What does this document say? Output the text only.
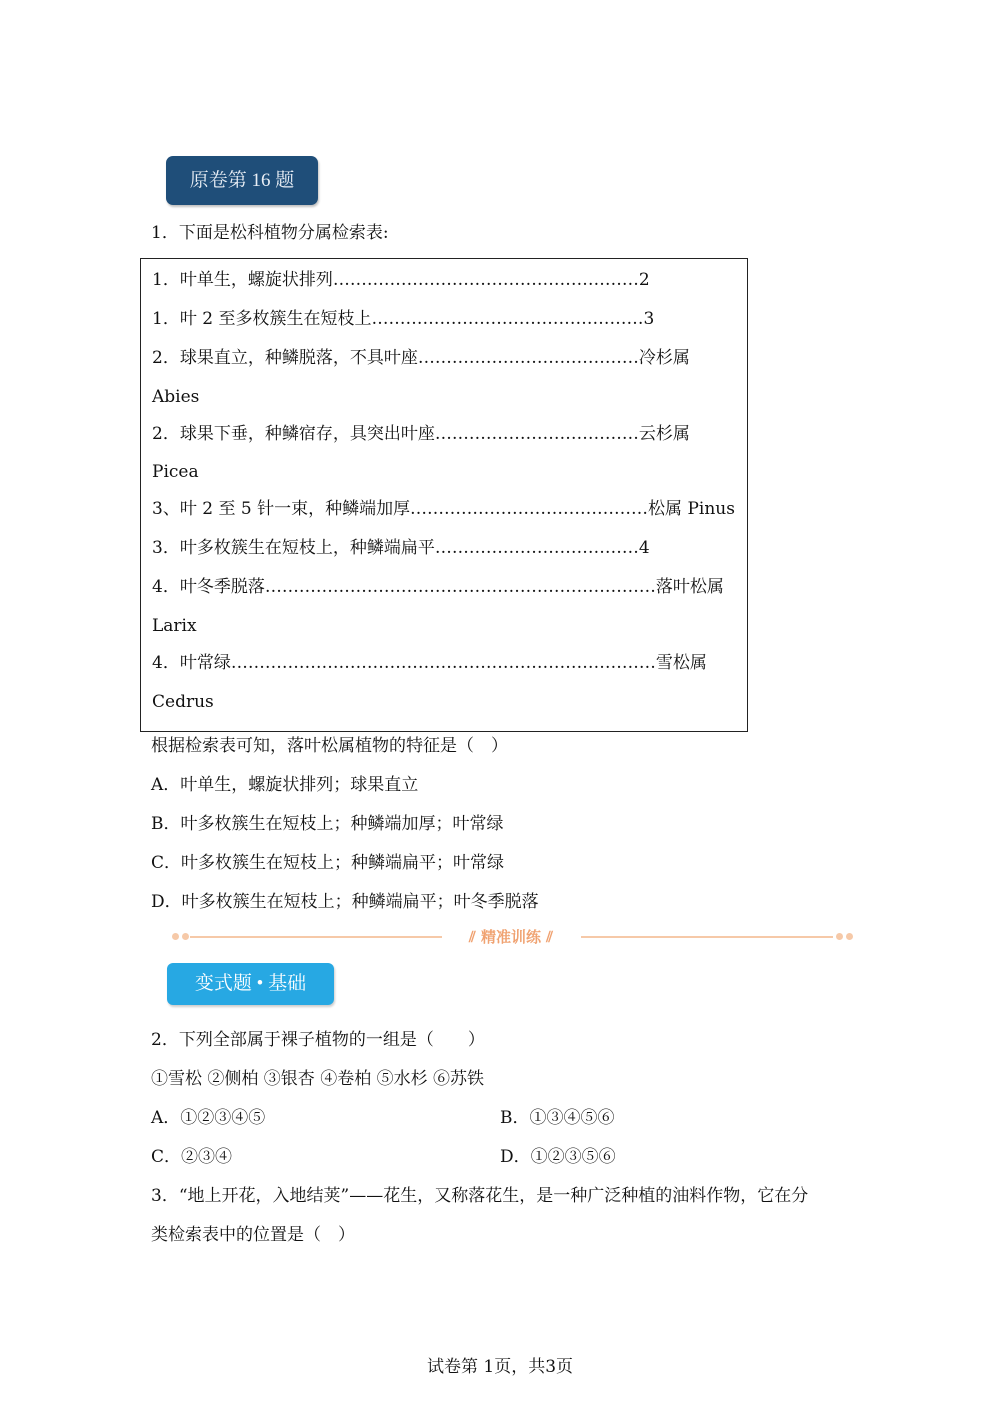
原卷第 16 题
1．下面是松科植物分属检索表:
1．叶单生，螺旋状排列………………………………………………2
1．叶 2 至多枚簇生在短枝上…………………………………………3
2．球果直立，种鳞脱落，不具叶座…………………………………冷杉属
Abies
2．球果下垂，种鳞宿存，具突出叶座………………………………云杉属
Picea
3、叶 2 至 5 针一束，种鳞端加厚……………………………………松属 Pinus
3．叶多枚簇生在短枝上，种鳞端扁平………………………………4
4．叶冬季脱落……………………………………………………………落叶松属
Larix
4．叶常绿…………………………………………………………………雪松属
Cedrus
根据检索表可知，落叶松属植物的特征是（　）
A．叶单生，螺旋状排列；球果直立
B．叶多枚簇生在短枝上；种鳞端加厚；叶常绿
C．叶多枚簇生在短枝上；种鳞端扁平；叶常绿
D．叶多枚簇生在短枝上；种鳞端扁平；叶冬季脱落
⫽ 精准训练 ⫽
变式题 • 基础
2．下列全部属于裸子植物的一组是（　　）
①雪松 ②侧柏 ③银杏 ④卷柏 ⑤水杉 ⑥苏铁
A．①②③④⑤	B．①③④⑤⑥
C．②③④	D．①②③⑤⑥
3．“地上开花，入地结荚”——花生，又称落花生，是一种广泛种植的油料作物，它在分
类检索表中的位置是（　）
试卷第 1页，共3页
